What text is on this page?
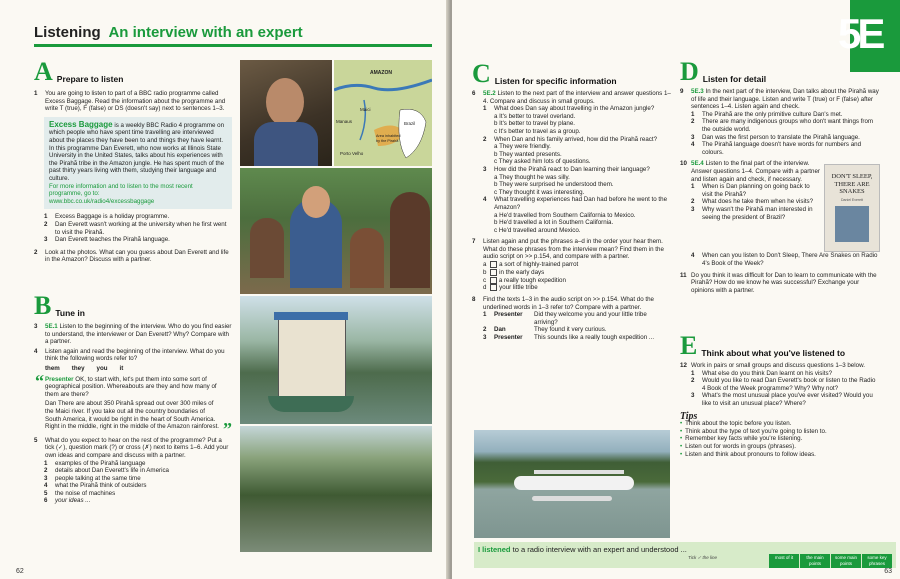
Listening An interview with an expert
A Prepare to listen
1	You are going to listen to part of a BBC radio programme called Excess Baggage. Read the information about the programme and write T (true), F (false) or DS (doesn't say) next to sentences 1–3.
Excess Baggage is a weekly BBC Radio 4 programme on which people who have spent time travelling are interviewed about the places they have been to and things they have learnt. In this programme Dan Everett, who now works at Illinois State University in the United States, talks about his experiences with the Pirahã tribe in the Amazon jungle. He has spent much of the past thirty years living with them, studying their language and culture.
For more information and to listen to the most recent programme, go to:
www.bbc.co.uk/radio4/excessbaggage
1	Excess Baggage is a holiday programme.
2	Dan Everett wasn't working at the university when he first went to visit the Pirahã.
3	Dan Everett teaches the Pirahã language.
2	Look at the photos. What can you guess about Dan Everett and life in the Amazon? Discuss with a partner.
B Tune in
3	5E.1 Listen to the beginning of the interview. Who do you find easier to understand, the interviewer or Dan Everett? Why? Compare with a partner.
4	Listen again and read the beginning of the interview. What do you think the following words refer to?
them they you it
“ Presenter OK, to start with, let's put them into some sort of geographical position. Whereabouts are they and how many of them are there?
Dan There are about 350 Pirahã spread out over 300 miles of the Maici river. If you take out all the country boundaries of South America, it would be right in the heart of South America. Right in the middle, right in the middle of the Amazon rainforest. ”
5	What do you expect to hear on the rest of the programme? Put a tick (✓), question mark (?) or cross (✗) next to items 1–6. Add your own ideas and compare and discuss with a partner.
1	examples of the Pirahã language
2	details about Dan Everett's life in America
3	people talking at the same time
4	what the Pirahã think of outsiders
5	the noise of machines
6	your ideas ...
AMAZON
Manaus
Maici
Porto Velho
Area inhabited by the Pirahã
Brazil
62
5E
C Listen for specific information
6	5E.2 Listen to the next part of the interview and answer questions 1–4. Compare and discuss in small groups.
1	What does Dan say about travelling in the Amazon jungle?
a It's better to travel overland.
b It's better to travel by plane.
c It's better to travel as a group.
2	When Dan and his family arrived, how did the Pirahã react?
a They were friendly.
b They wanted presents.
c They asked him lots of questions.
3	How did the Pirahã react to Dan learning their language?
a They thought he was silly.
b They were surprised he understood them.
c They thought it was interesting.
4	What travelling experiences had Dan had before he went to the Amazon?
a He'd travelled from Southern California to Mexico.
b He'd travelled a lot in Southern California.
c He'd travelled around Mexico.
7	Listen again and put the phrases a–d in the order your hear them. What do these phrases from the interview mean? Find them in the audio script on >> p.154, and compare with a partner.
a a sort of highly-trained parrot
b in the early days
c a really tough expedition
d your little tribe
8	Find the texts 1–3 in the audio script on >> p.154. What do the underlined words in 1–3 refer to? Compare with a partner.
1	Presenter	Did they welcome you and your little tribe arriving?
2	Dan	They found it very curious.
3	Presenter	This sounds like a really tough expedition ...
D Listen for detail
9	5E.3 In the next part of the interview, Dan talks about the Pirahã way of life and their language. Listen and write T (true) or F (false) after sentences 1–4. Listen again and check.
1	The Pirahã are the only primitive culture Dan's met.
2	There are many indigenous groups who don't want things from the outside world.
3	Dan was the first person to translate the Pirahã language.
4	The Pirahã language doesn't have words for numbers and colours.
10 5E.4 Listen to the final part of the interview. Answer questions 1–4. Compare with a partner and listen again and check, if necessary.
1	When is Dan planning on going back to visit the Pirahã?
2	What does he take them when he visits?
3	Why wasn't the Pirahã man interested in seeing the president of Brazil?
DON'T SLEEP, THERE ARE SNAKES
Daniel Everett
4	When can you listen to Don't Sleep, There Are Snakes on Radio 4's Book of the Week?
11 Do you think it was difficult for Dan to learn to communicate with the Pirahã? How do we know he was successful? Exchange your opinions with a partner.
E Think about what you've listened to
12 Work in pairs or small groups and discuss questions 1–3 below.
1	What else do you think Dan learnt on his visits?
2	Would you like to read Dan Everett's book or listen to the Radio 4 Book of the Week programme? Why? Why not?
3	What's the most unusual place you've ever visited? Would you like to visit an unusual place? Where?
Tips
• Think about the topic before you listen.
• Think about the type of text you're going to listen to.
• Remember key facts while you're listening.
• Listen out for words in groups (phrases).
• Listen and think about pronouns to follow ideas.
I listened to a radio interview with an expert and understood ...
Tick ✓ the line	most of it	the main points
some main points
some key phrases
63
